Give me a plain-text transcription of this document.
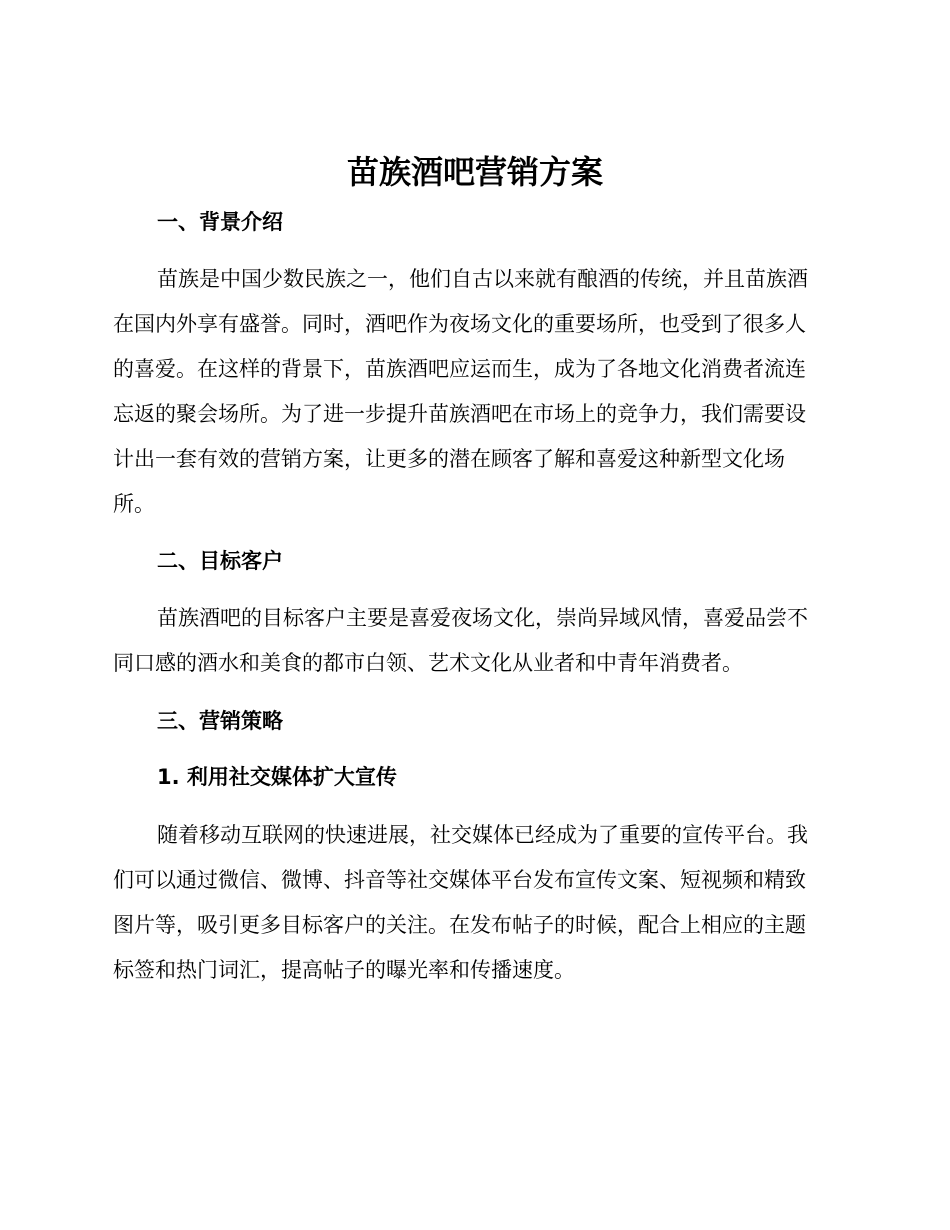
苗族酒吧营销方案
一、背景介绍
苗族是中国少数民族之一，他们自古以来就有酿酒的传统，并且苗族酒
在国内外享有盛誉。同时，酒吧作为夜场文化的重要场所，也受到了很多人
的喜爱。在这样的背景下，苗族酒吧应运而生，成为了各地文化消费者流连
忘返的聚会场所。为了进一步提升苗族酒吧在市场上的竞争力，我们需要设
计出一套有效的营销方案，让更多的潜在顾客了解和喜爱这种新型文化场
所。
二、目标客户
苗族酒吧的目标客户主要是喜爱夜场文化，崇尚异域风情，喜爱品尝不
同口感的酒水和美食的都市白领、艺术文化从业者和中青年消费者。
三、营销策略
1. 利用社交媒体扩大宣传
随着移动互联网的快速进展，社交媒体已经成为了重要的宣传平台。我
们可以通过微信、微博、抖音等社交媒体平台发布宣传文案、短视频和精致
图片等，吸引更多目标客户的关注。在发布帖子的时候，配合上相应的主题
标签和热门词汇，提高帖子的曝光率和传播速度。
